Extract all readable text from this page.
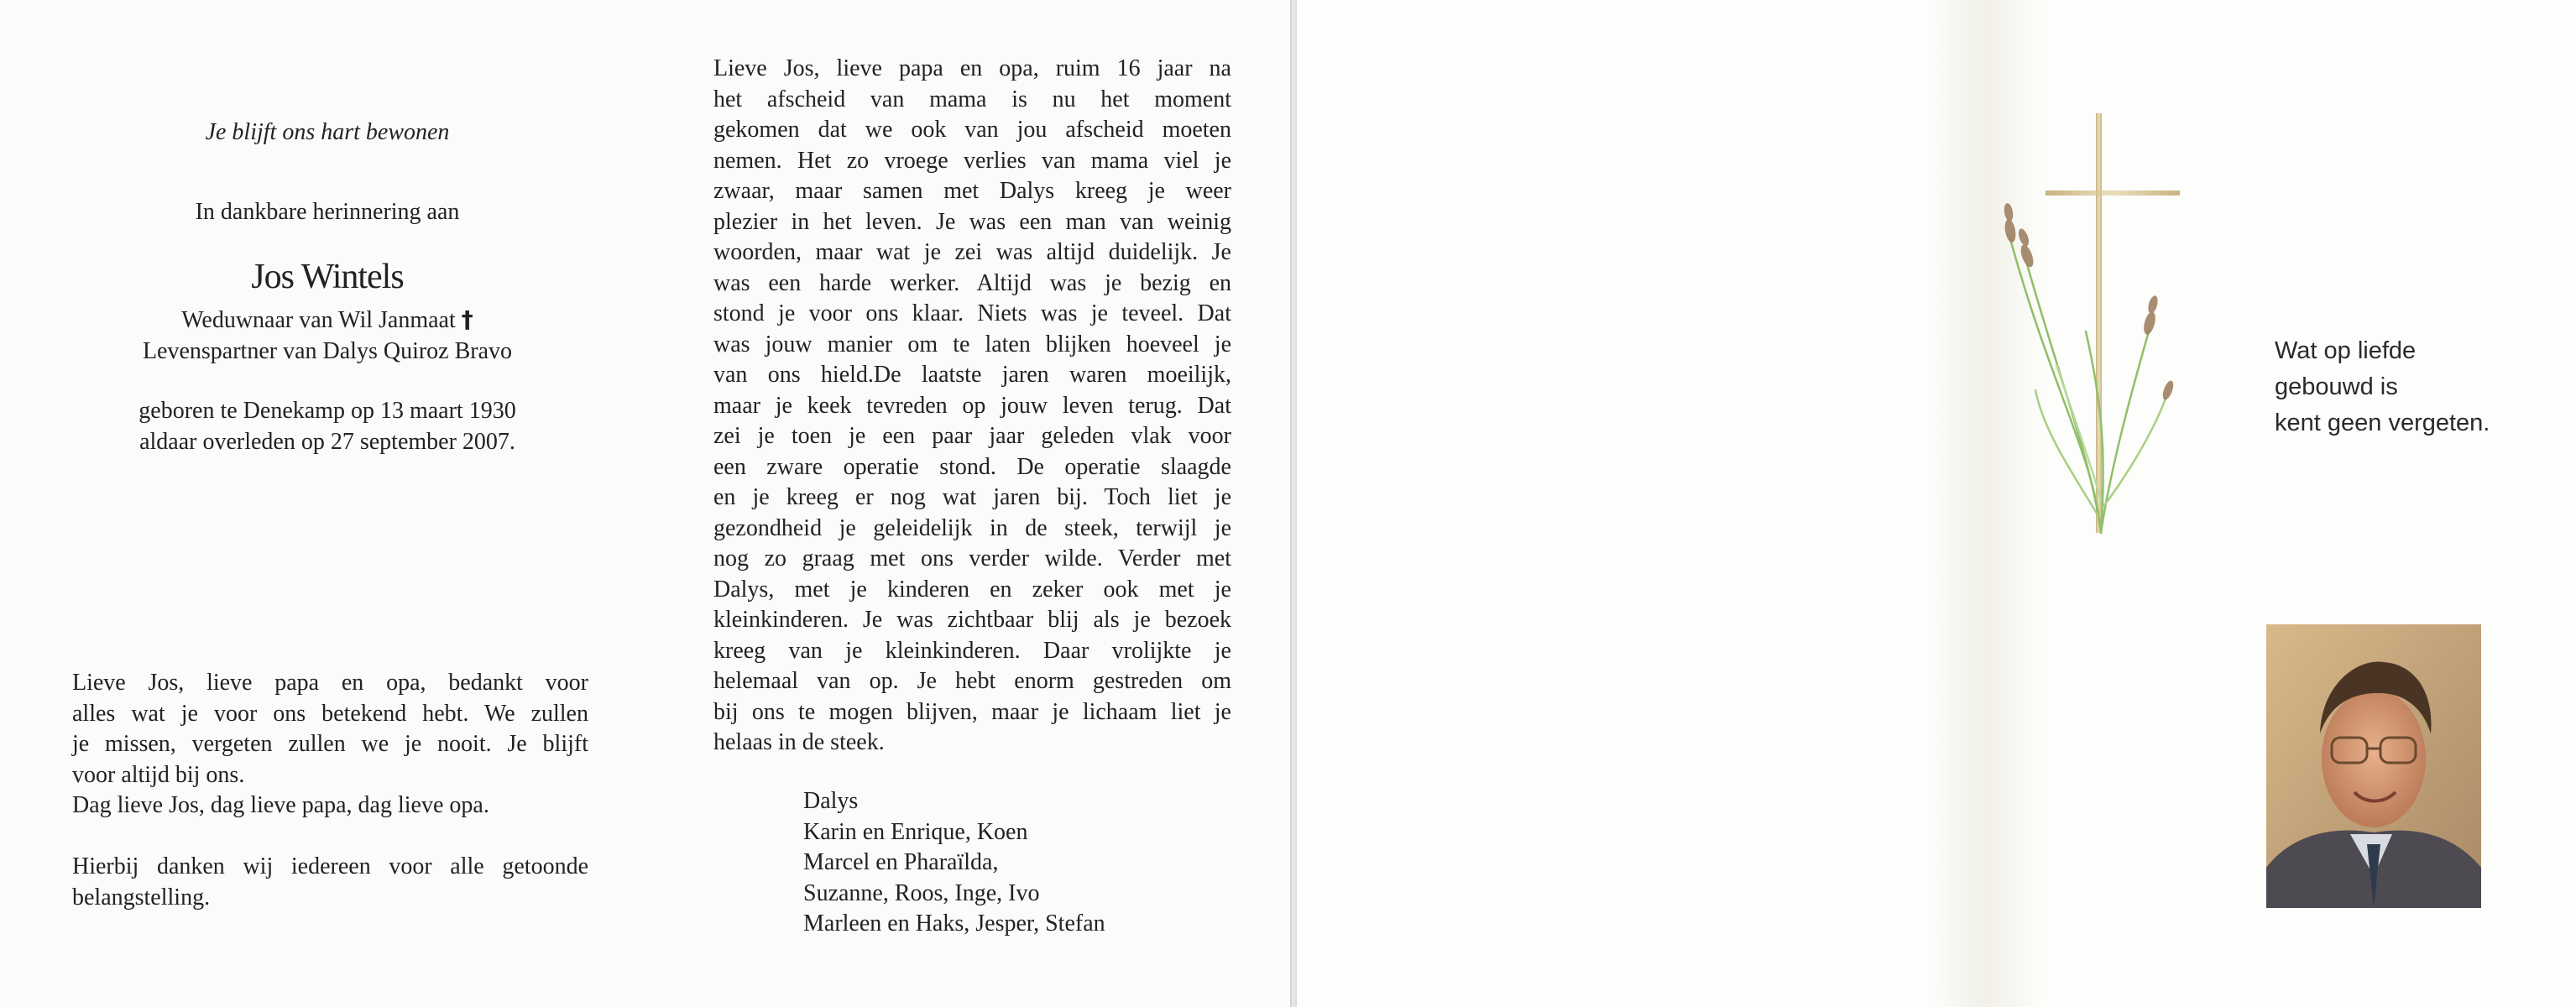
Je blijft ons hart bewonen
In dankbare herinnering aan
Jos Wintels
Weduwnaar van Wil Janmaat †
Levenspartner van Dalys Quiroz Bravo
geboren te Denekamp op 13 maart 1930
aldaar overleden op 27 september 2007.
Lieve Jos, lieve papa en opa, bedankt voor
alles wat je voor ons betekend hebt. We zullen
je missen, vergeten zullen we je nooit. Je blijft
voor altijd bij ons.
Dag lieve Jos, dag lieve papa, dag lieve opa.
Hierbij danken wij iedereen voor alle getoonde
belangstelling.
Lieve Jos, lieve papa en opa, ruim 16 jaar na
het afscheid van mama is nu het moment
gekomen dat we ook van jou afscheid moeten
nemen. Het zo vroege verlies van mama viel je
zwaar, maar samen met Dalys kreeg je weer
plezier in het leven. Je was een man van weinig
woorden, maar wat je zei was altijd duidelijk. Je
was een harde werker. Altijd was je bezig en
stond je voor ons klaar. Niets was je teveel. Dat
was jouw manier om te laten blijken hoeveel je
van ons hield.De laatste jaren waren moeilijk,
maar je keek tevreden op jouw leven terug. Dat
zei je toen je een paar jaar geleden vlak voor
een zware operatie stond. De operatie slaagde
en je kreeg er nog wat jaren bij. Toch liet je
gezondheid je geleidelijk in de steek, terwijl je
nog zo graag met ons verder wilde. Verder met
Dalys, met je kinderen en zeker ook met je
kleinkinderen. Je was zichtbaar blij als je bezoek
kreeg van je kleinkinderen. Daar vrolijkte je
helemaal van op. Je hebt enorm gestreden om
bij ons te mogen blijven, maar je lichaam liet je
helaas in de steek.
Dalys
Karin en Enrique, Koen
Marcel en Pharaïlda,
Suzanne, Roos, Inge, Ivo
Marleen en Haks, Jesper, Stefan
Wat op liefde
gebouwd is
kent geen vergeten.
